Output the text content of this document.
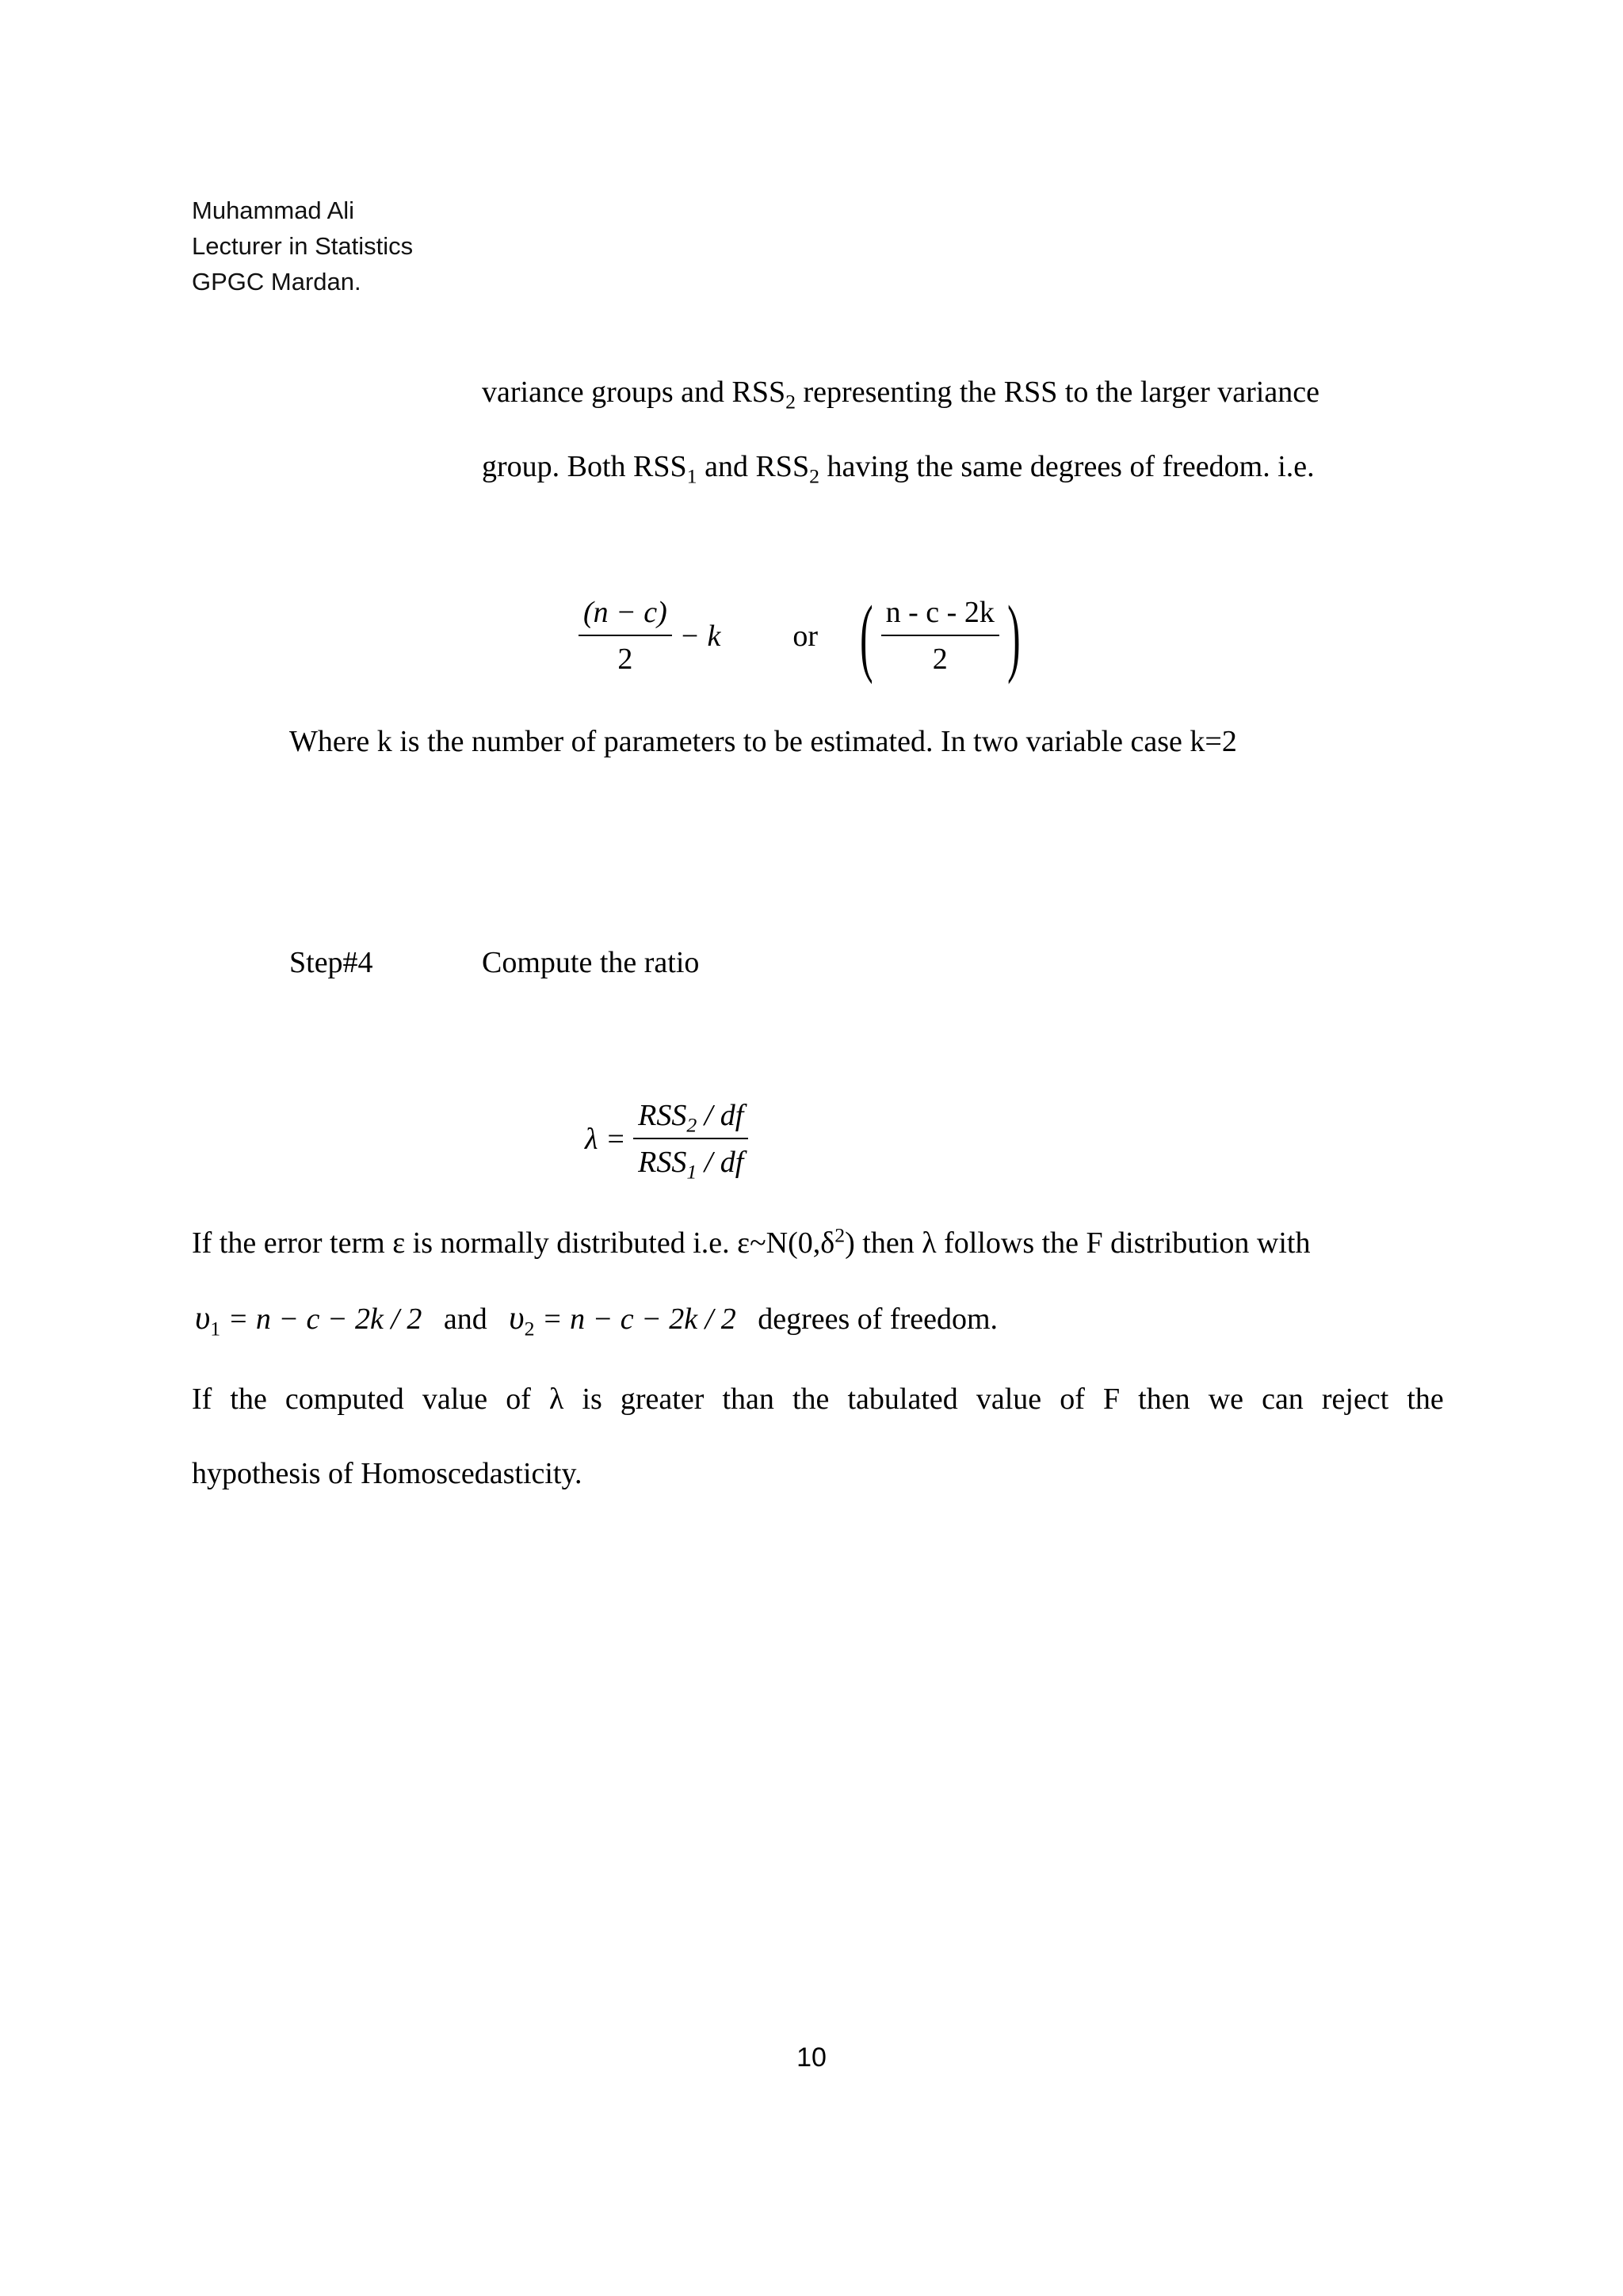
Muhammad Ali
Lecturer in Statistics
GPGC Mardan.
variance groups and $RSS_2$ representing the RSS to the larger variance
group. Both $RSS_1$ and $RSS_2$ having the same degrees of freedom. i.e.
$\frac{(n - c)}{2} - k$ or ( $\frac{n - c - 2k}{2}$ )
Where k is the number of parameters to be estimated. In two variable case k=2
Step#4	Compute the ratio
$\lambda = \frac{RSS_2 / df}{RSS_1 / df}$
If the error term ε is normally distributed i.e. $\varepsilon\sim N(0,\delta^2)$ then λ follows the F distribution with
$\upsilon_1 = n - c - 2k / 2$ and $\upsilon_2 = n - c - 2k / 2$ degrees of freedom.
If the computed value of λ is greater than the tabulated value of F then we can reject the
hypothesis of Homoscedasticity.
10
